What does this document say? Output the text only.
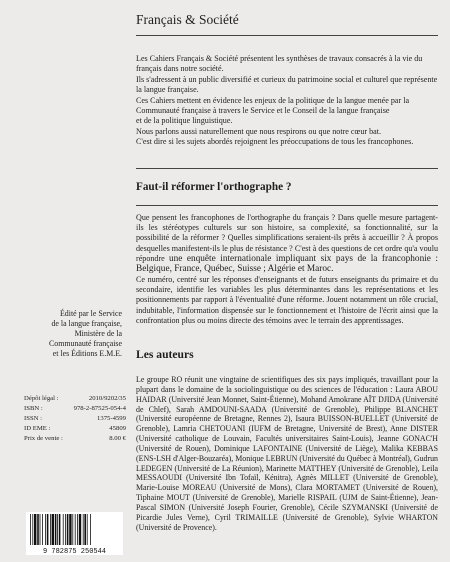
Français & Société

Les Cahiers Français & Société présentent les synthèses de travaux consacrés à la vie du français dans notre société.

Ils s'adressent à un public diversifié et curieux du patrimoine social et culturel que représente la langue française.

Ces Cahiers mettent en évidence les enjeux de la politique de la langue menée par la Communauté française à travers le Service et le Conseil de la langue française

et de la politique linguistique.

Nous parlons aussi naturellement que nous respirons ou que notre cœur bat.

C'est dire si les sujets abordés rejoignent les préoccupations de tous les francophones.

Faut-il réformer l'orthographe ?

Que pensent les francophones de l'orthographe du français ? Dans quelle mesure partagent-ils les stéréotypes culturels sur son histoire, sa complexité, sa fonctionnalité, sur la possibilité de la réformer ? Quelles simplifications seraient-ils prêts à accueillir ? À propos desquelles manifestent-ils le plus de résistance ? C'est à des questions de cet ordre qu'a voulu répondre une enquête internationale impliquant six pays de la francophonie : Belgique, France, Québec, Suisse ; Algérie et Maroc.

Ce numéro, centré sur les réponses d'enseignants et de futurs enseignants du primaire et du secondaire, identifie les variables les plus déterminantes dans les représentations et les positionnements par rapport à l'éventualité d'une réforme. Jouent notamment un rôle crucial, indubitable, l'information dispensée sur le fonctionnement et l'histoire de l'écrit ainsi que la confrontation plus ou moins directe des témoins avec le terrain des apprentissages.

Édité par le Service

de la langue française,

Ministère de la

Communauté française

et les Éditions E.M.E. Les auteurs
Le groupe RO réunit une vingtaine de scientifiques des six pays impliqués, travaillant pour la plupart dans le domaine de la sociolinguistique ou des sciences de l'éducation : Laura ABOU HAIDAR (Université Jean Monnet, Saint-Étienne), Mohand Amokrane AÏT DJIDA (Université de Chlef), Sarah AMDOUNI-SAADA (Université de Grenoble), Philippe BLANCHET (Université européenne de Bretagne, Rennes 2), Isaura BUISSON-BUELLET (Université de Grenoble), Lamria CHETOUANI (IUFM de Bretagne, Université de Brest), Anne DISTER (Université catholique de Louvain, Facultés universitaires Saint-Louis), Jeanne GONAC'H (Université de Rouen), Dominique LAFONTAINE (Université de Liège), Malika KEBBAS (ENS-LSH d'Alger-Bouzaréa), Monique LEBRUN (Université du Québec à Montréal), Gudrun LEDEGEN (Université de La Réunion), Marinette MATTHEY (Université de Grenoble), Leila MESSAOUDI (Université Ibn Tofaïl, Kénitra), Agnès MILLET (Université de Grenoble), Marie-Louise MOREAU (Université de Mons), Clara MORTAMET (Université de Rouen), Tiphaine MOUT (Université de Grenoble), Marielle RISPAIL (UJM de Saint-Étienne), Jean-Pascal SIMON (Université Joseph Fourier, Grenoble), Cécile SZYMANSKI (Université de Picardie Jules Verne), Cyril TRIMAILLE (Université de Grenoble), Sylvie WHARTON (Université de Provence).
Dépôt légal :	2010/9202/35
ISBN :	978-2-87525-054-4
ISSN :	1375-4599
ID EME :	45809
Prix de vente :	8.00 €
9 782875 250544
